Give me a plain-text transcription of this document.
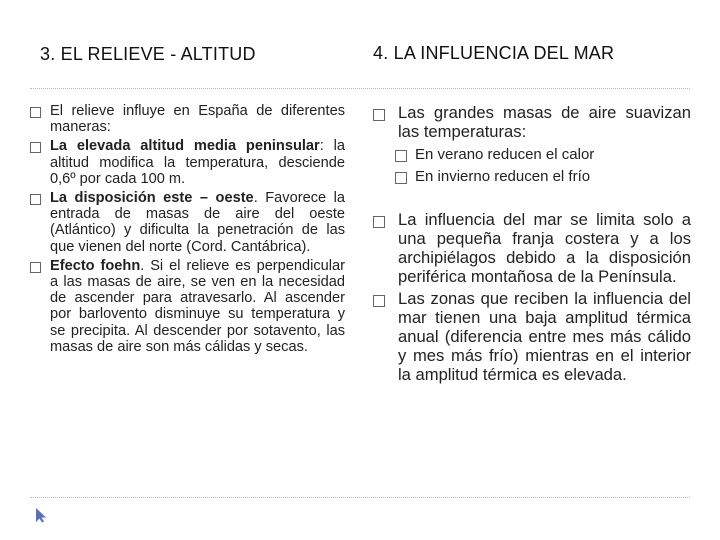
3. EL RELIEVE - ALTITUD	4. LA INFLUENCIA DEL MAR
El relieve influye en España de diferentes maneras:
La elevada altitud media peninsular: la altitud modifica la temperatura, desciende 0,6º por cada 100 m.
La disposición este – oeste. Favorece la entrada de masas de aire del oeste (Atlántico) y dificulta la penetración de las que vienen del norte (Cord. Cantábrica).
Efecto foehn. Si el relieve es perpendicular a las masas de aire, se ven en la necesidad de ascender para atravesarlo. Al ascender por barlovento disminuye su temperatura y se precipita. Al descender por sotavento, las masas de aire son más cálidas y secas.
Las grandes masas de aire suavizan las temperaturas:
En verano reducen el calor
En invierno reducen el frío
La influencia del mar se limita solo a una pequeña franja costera y a los archipiélagos debido a la disposición periférica montañosa de la Península.
Las zonas que reciben la influencia del mar tienen una baja amplitud térmica anual (diferencia entre mes más cálido y mes más frío) mientras en el interior la amplitud térmica es elevada.
